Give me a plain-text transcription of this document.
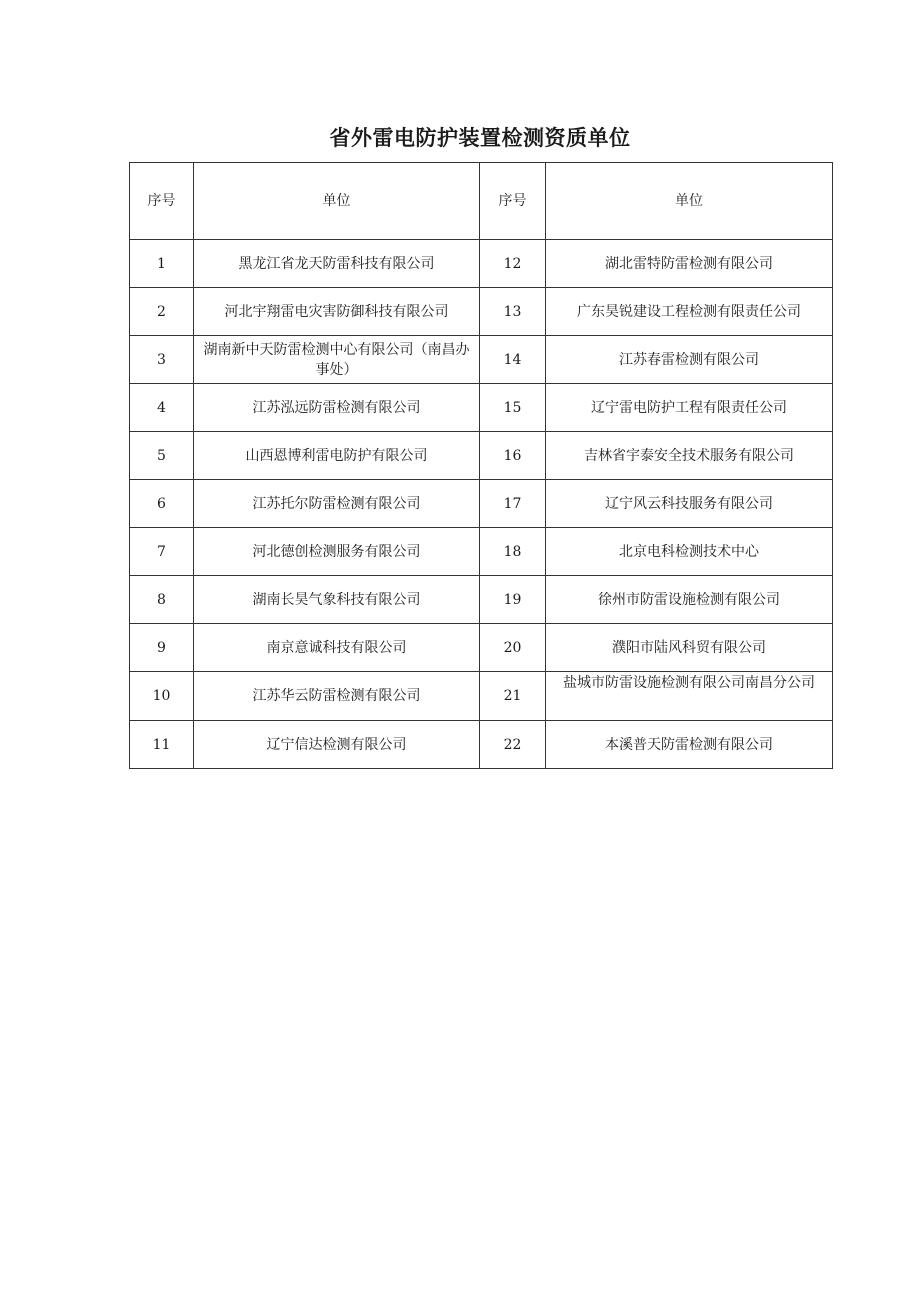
省外雷电防护装置检测资质单位
序号	单位	序号	单位
1	黑龙江省龙天防雷科技有限公司	12	湖北雷特防雷检测有限公司
2	河北宇翔雷电灾害防御科技有限公司	13	广东昊锐建设工程检测有限责任公司
3	湖南新中天防雷检测中心有限公司（南昌办事处）	14	江苏春雷检测有限公司
4	江苏泓远防雷检测有限公司	15	辽宁雷电防护工程有限责任公司
5	山西恩博利雷电防护有限公司	16	吉林省宇泰安全技术服务有限公司
6	江苏托尔防雷检测有限公司	17	辽宁风云科技服务有限公司
7	河北德创检测服务有限公司	18	北京电科检测技术中心
8	湖南长昊气象科技有限公司	19	徐州市防雷设施检测有限公司
9	南京意诚科技有限公司	20	濮阳市陆风科贸有限公司
10	江苏华云防雷检测有限公司	21	盐城市防雷设施检测有限公司南昌分公司
11	辽宁信达检测有限公司	22	本溪普天防雷检测有限公司
